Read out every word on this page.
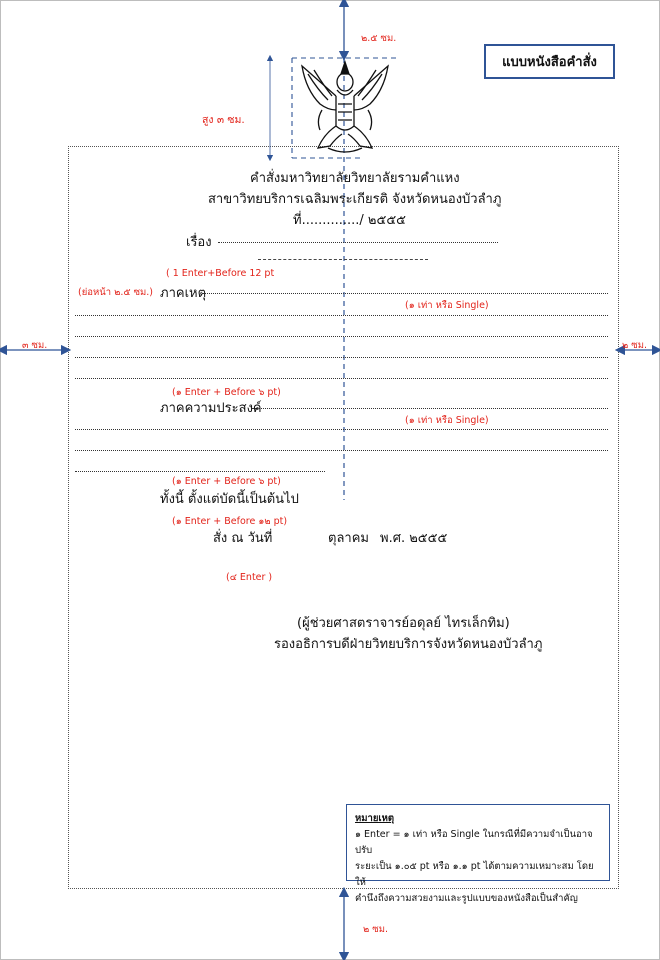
แบบหนังสือคำสั่ง
๒.๕ ซม.
สูง ๓ ซม.
๓ ซม.	๒ ซม.
๒ ซม.
คำสั่งมหาวิทยาลัยวิทยาลัยรามคำแหง
สาขาวิทยบริการเฉลิมพระเกียรติ จังหวัดหนองบัวลำภู
ที่............../ ๒๕๕๕
เรื่อง
( 1 Enter+Before 12 pt
(ย่อหน้า ๒.๕ ซม.) ภาคเหตุ
(๑ เท่า หรือ Single)
(๑ Enter + Before ๖ pt)
ภาคความประสงค์
(๑ เท่า หรือ Single)
(๑ Enter + Before ๖ pt)
ทั้งนี้ ตั้งแต่บัดนี้เป็นต้นไป
(๑ Enter + Before ๑๒ pt)
สั่ง ณ วันที่	ตุลาคม พ.ศ. ๒๕๕๕
(๔ Enter )
(ผู้ช่วยศาสตราจารย์อดุลย์ ไทรเล็กทิม)
รองอธิการบดีฝ่ายวิทยบริการจังหวัดหนองบัวลำภู
หมายเหตุ
๑ Enter = ๑ เท่า หรือ Single ในกรณีที่มีความจำเป็นอาจปรับ
ระยะเป็น ๑.๐๕ pt หรือ ๑.๑ pt ได้ตามความเหมาะสม โดยให้
คำนึงถึงความสวยงามและรูปแบบของหนังสือเป็นสำคัญ
